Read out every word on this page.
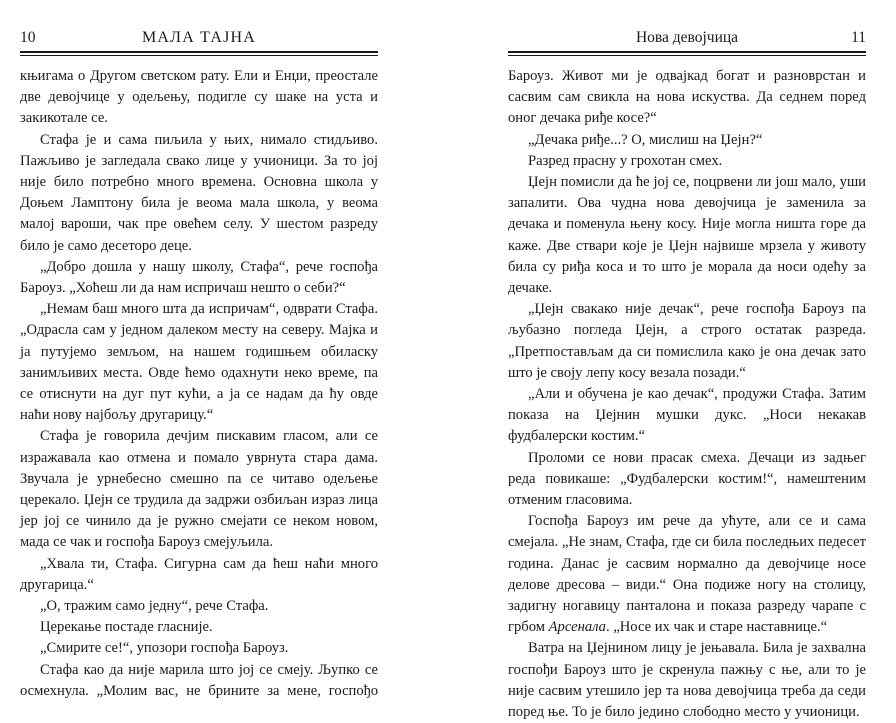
10	МАЛА ТАЈНА

књигама о Другом светском рату. Ели и Енџи, преостале две девојчице у одељењу, подигле су шаке на уста и закикотале се.

Стафа је и сама пиљила у њих, нимало стидљиво. Пажљиво је загледала свако лице у учионици. За то јој није било потребно много времена. Основна школа у Доњем Ламптону била је веома мала школа, у веома малој вароши, чак пре овећем селу. У шестом разреду било је само десеторо деце.

„Добро дошла у нашу школу, Стафа“, рече госпођа Бароуз. „Хоћеш ли да нам испричаш нешто о себи?“

„Немам баш много шта да испричам“, одврати Стафа. „Одрасла сам у једном далеком месту на северу. Мајка и ја путујемо земљом, на нашем годишњем обиласку занимљивих места. Овде ћемо одахнути неко време, па се отиснути на дуг пут кући, а ја се надам да ћу овде наћи нову најбољу другарицу.“

Стафа је говорила дечјим пискавим гласом, али се изражавала као отмена и помало уврнута стара дама. Звучала је урнебесно смешно па се читаво одељење церекало. Џејн се трудила да задржи озбиљан израз лица јер јој се чинило да је ружно смејати се неком новом, мада се чак и госпођа Бароуз смејуљила.

„Хвала ти, Стафа. Сигурна сам да ћеш наћи много другарица.“

„О, тражим само једну“, рече Стафа.

Церекање постаде гласније.

„Смирите се!“, упозори госпођа Бароуз.

Стафа као да није марила што јој се смеју. Љупко се осмехнула. „Молим вас, не брините за мене, госпођо

Нова девојчица	11

Бароуз. Живот ми је одвајкад богат и разноврстан и сасвим сам свикла на нова искуства. Да седнем поред оног дечака риђе косе?“

„Дечака риђе...? О, мислиш на Џејн?“

Разред прасну у грохотан смех.

Џејн помисли да ће јој се, поцрвени ли још мало, уши запалити. Ова чудна нова девојчица је заменила за дечака и поменула њену косу. Није могла ништа горе да каже. Две ствари које је Џејн највише мрзела у животу била су риђа коса и то што је морала да носи одећу за дечаке.

„Џејн свакако није дечак“, рече госпођа Бароуз па љубазно погледа Џејн, а строго остатак разреда. „Претпостављам да си помислила како је она дечак зато што је своју лепу косу везала позади.“

„Али и обучена је као дечак“, продужи Стафа. Затим показа на Џејнин мушки дукс. „Носи некакав фудбалерски костим.“

Проломи се нови прасак смеха. Дечаци из задњег реда повикаше: „Фудбалерски костим!“, намештеним отменим гласовима.

Госпођа Бароуз им рече да ућуте, али се и сама смејала. „Не знам, Стафа, где си била последњих педесет година. Данас је сасвим нормално да девојчице носе делове дресова – види.“ Она подиже ногу на столицу, задигну ногавицу панталона и показа разреду чарапе с грбом Арсенала. „Носе их чак и старе наставнице.“

Ватра на Џејнином лицу је јењавала. Била је захвална госпођи Бароуз што је скренула пажњу с ње, али то је није сасвим утешило јер та нова девојчица треба да седи поред ње. То је било једино слободно место у учионици.
